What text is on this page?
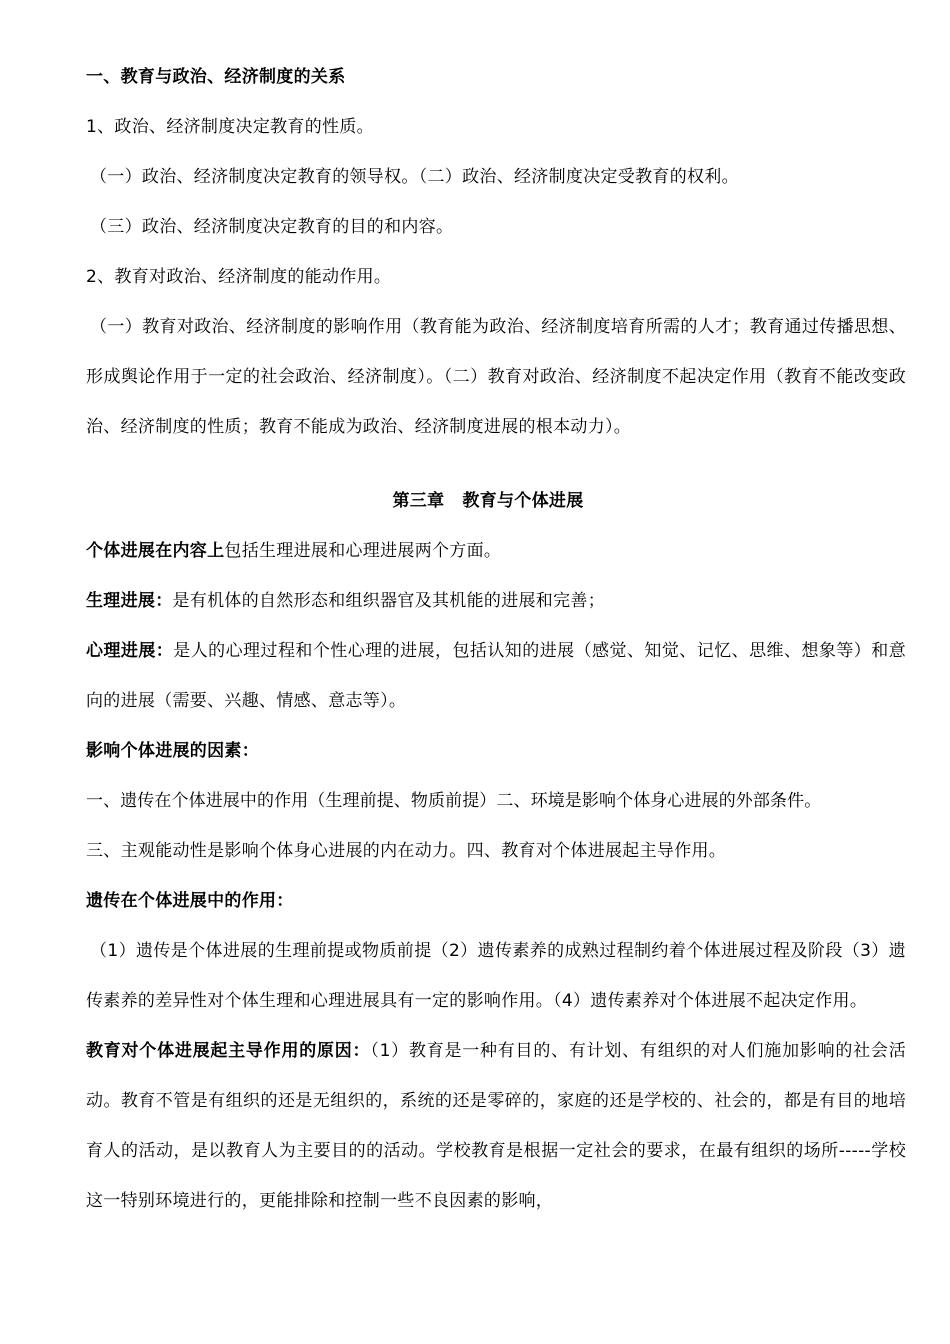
一、教育与政治、经济制度的关系

1、政治、经济制度决定教育的性质。

（一）政治、经济制度决定教育的领导权。（二）政治、经济制度决定受教育的权利。

（三）政治、经济制度决定教育的目的和内容。

2、教育对政治、经济制度的能动作用。

（一）教育对政治、经济制度的影响作用（教育能为政治、经济制度培育所需的人才；教育通过传播思想、形成舆论作用于一定的社会政治、经济制度）。（二）教育对政治、经济制度不起决定作用（教育不能改变政治、经济制度的性质；教育不能成为政治、经济制度进展的根本动力）。

第三章 教育与个体进展

个体进展在内容上包括生理进展和心理进展两个方面。

生理进展：是有机体的自然形态和组织器官及其机能的进展和完善；

心理进展：是人的心理过程和个性心理的进展，包括认知的进展（感觉、知觉、记忆、思维、想象等）和意向的进展（需要、兴趣、情感、意志等）。

影响个体进展的因素：

一、遗传在个体进展中的作用（生理前提、物质前提）二、环境是影响个体身心进展的外部条件。

三、主观能动性是影响个体身心进展的内在动力。四、教育对个体进展起主导作用。

遗传在个体进展中的作用：

（1）遗传是个体进展的生理前提或物质前提（2）遗传素养的成熟过程制约着个体进展过程及阶段（3）遗传素养的差异性对个体生理和心理进展具有一定的影响作用。（4）遗传素养对个体进展不起决定作用。

教育对个体进展起主导作用的原因：（1）教育是一种有目的、有计划、有组织的对人们施加影响的社会活动。教育不管是有组织的还是无组织的，系统的还是零碎的，家庭的还是学校的、社会的，都是有目的地培育人的活动，是以教育人为主要目的的活动。学校教育是根据一定社会的要求，在最有组织的场所-----学校这一特别环境进行的，更能排除和控制一些不良因素的影响，
